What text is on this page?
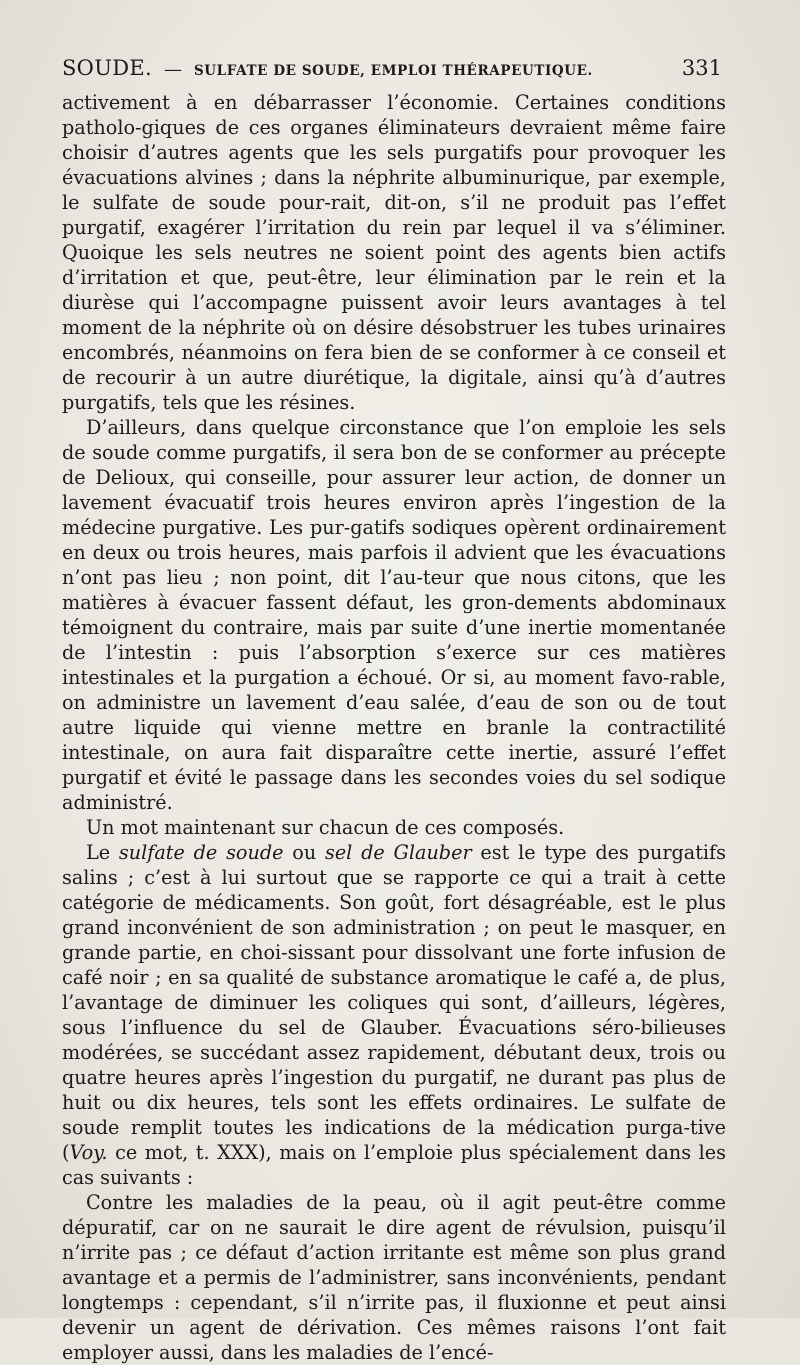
SOUDE. — SULFATE DE SOUDE, EMPLOI THÉRAPEUTIQUE.	331

activement à en débarrasser l’économie. Certaines conditions patholo-giques de ces organes éliminateurs devraient même faire choisir d’autres agents que les sels purgatifs pour provoquer les évacuations alvines ; dans la néphrite albuminurique, par exemple, le sulfate de soude pour-rait, dit-on, s’il ne produit pas l’effet purgatif, exagérer l’irritation du rein par lequel il va s’éliminer. Quoique les sels neutres ne soient point des agents bien actifs d’irritation et que, peut-être, leur élimination par le rein et la diurèse qui l’accompagne puissent avoir leurs avantages à tel moment de la néphrite où on désire désobstruer les tubes urinaires encombrés, néanmoins on fera bien de se conformer à ce conseil et de recourir à un autre diurétique, la digitale, ainsi qu’à d’autres purgatifs, tels que les résines.

D’ailleurs, dans quelque circonstance que l’on emploie les sels de soude comme purgatifs, il sera bon de se conformer au précepte de Delioux, qui conseille, pour assurer leur action, de donner un lavement évacuatif trois heures environ après l’ingestion de la médecine purgative. Les pur-gatifs sodiques opèrent ordinairement en deux ou trois heures, mais parfois il advient que les évacuations n’ont pas lieu ; non point, dit l’au-teur que nous citons, que les matières à évacuer fassent défaut, les gron-dements abdominaux témoignent du contraire, mais par suite d’une inertie momentanée de l’intestin : puis l’absorption s’exerce sur ces matières intestinales et la purgation a échoué. Or si, au moment favo-rable, on administre un lavement d’eau salée, d’eau de son ou de tout autre liquide qui vienne mettre en branle la contractilité intestinale, on aura fait disparaître cette inertie, assuré l’effet purgatif et évité le passage dans les secondes voies du sel sodique administré.

Un mot maintenant sur chacun de ces composés.

Le sulfate de soude ou sel de Glauber est le type des purgatifs salins ; c’est à lui surtout que se rapporte ce qui a trait à cette catégorie de médicaments. Son goût, fort désagréable, est le plus grand inconvénient de son administration ; on peut le masquer, en grande partie, en choi-sissant pour dissolvant une forte infusion de café noir ; en sa qualité de substance aromatique le café a, de plus, l’avantage de diminuer les coliques qui sont, d’ailleurs, légères, sous l’influence du sel de Glauber. Évacuations séro-bilieuses modérées, se succédant assez rapidement, débutant deux, trois ou quatre heures après l’ingestion du purgatif, ne durant pas plus de huit ou dix heures, tels sont les effets ordinaires. Le sulfate de soude remplit toutes les indications de la médication purga-tive (Voy. ce mot, t. XXX), mais on l’emploie plus spécialement dans les cas suivants :

Contre les maladies de la peau, où il agit peut-être comme dépuratif, car on ne saurait le dire agent de révulsion, puisqu’il n’irrite pas ; ce défaut d’action irritante est même son plus grand avantage et a permis de l’administrer, sans inconvénients, pendant longtemps : cependant, s’il n’irrite pas, il fluxionne et peut ainsi devenir un agent de dérivation. Ces mêmes raisons l’ont fait employer aussi, dans les maladies de l’encé-
